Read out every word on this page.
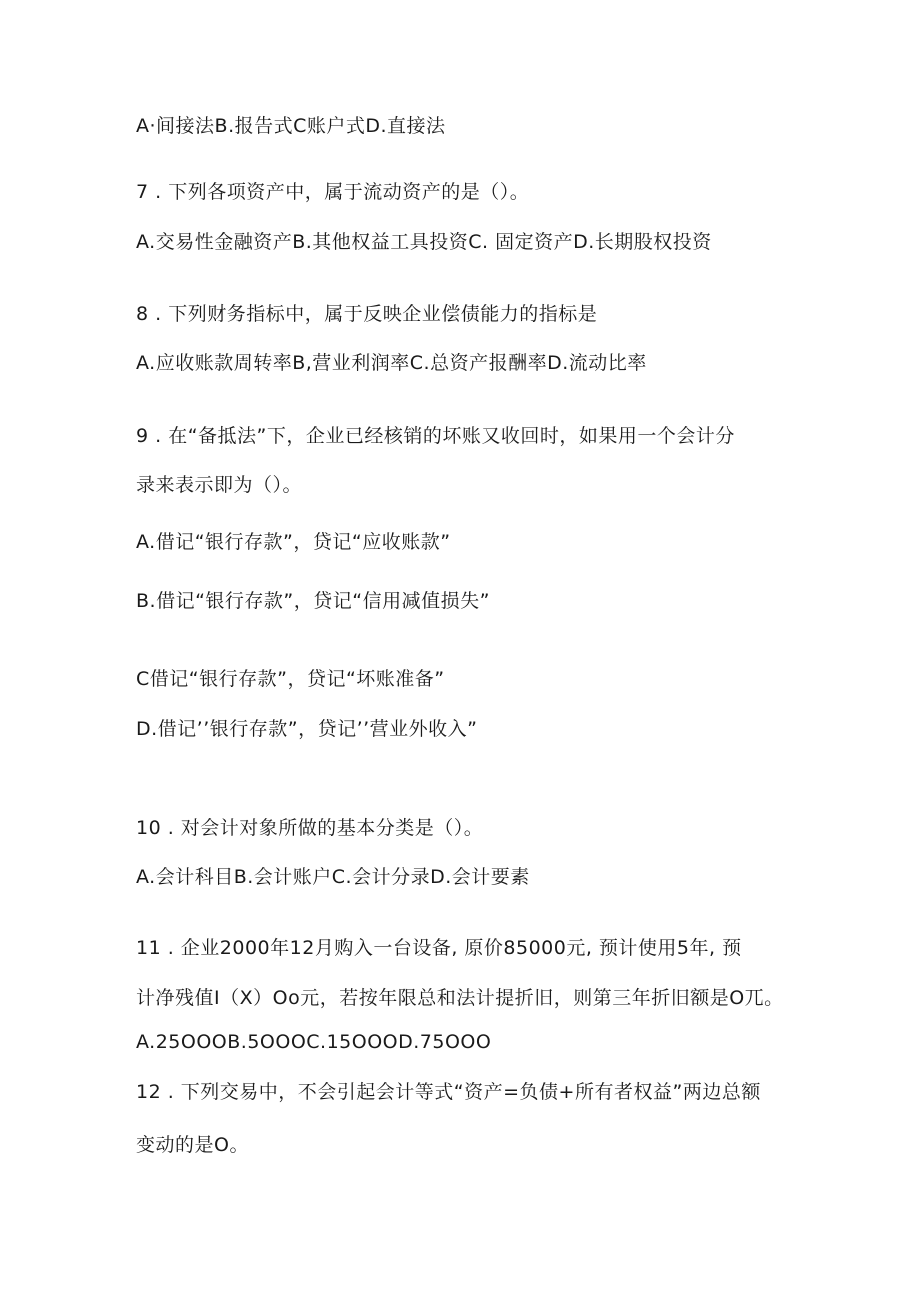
A·间接法B.报告式C账户式D.直接法
7 . 下列各项资产中，属于流动资产的是（）。
A.交易性金融资产B.其他权益工具投资C. 固定资产D.长期股权投资
8 . 下列财务指标中，属于反映企业偿债能力的指标是
A.应收账款周转率B,营业利润率C.总资产报酬率D.流动比率
9 . 在“备抵法”下，企业已经核销的坏账又收回时，如果用一个会计分
录来表示即为（）。
A.借记“银行存款”，贷记“应收账款”
B.借记“银行存款”，贷记“信用减值损失”
C借记“银行存款”，贷记“坏账准备”
D.借记’’银行存款”，贷记’’营业外收入”
10 . 对会计对象所做的基本分类是（）。
A.会计科目B.会计账户C.会计分录D.会计要素
11 . 企业2000年12月购入一台设备, 原价85000元, 预计使用5年, 预
计净残值I（X）Oo元，若按年限总和法计提折旧，则第三年折旧额是O兀。
A.25OOOB.5OOOC.15OOOD.75OOO
12 . 下列交易中，不会引起会计等式“资产=负债+所有者权益”两边总额
变动的是O。
